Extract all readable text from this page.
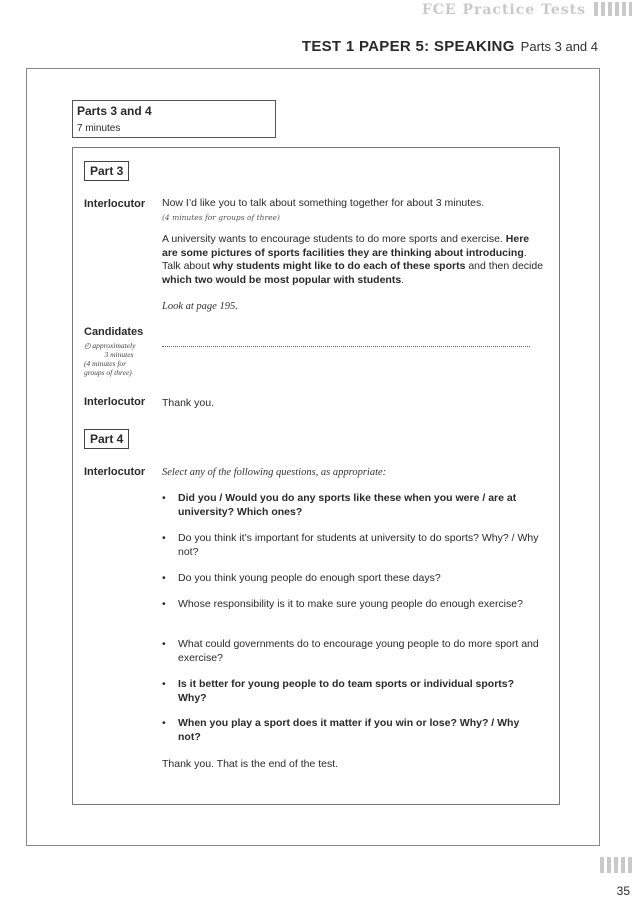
FCE Practice Tests
TEST 1 PAPER 5: SPEAKING Parts 3 and 4
Parts 3 and 4
7 minutes
Part 3
Interlocutor Now I’d like you to talk about something together for about 3 minutes.
(4 minutes for groups of three)
A university wants to encourage students to do more sports and exercise. Here are some pictures of sports facilities they are thinking about introducing. Talk about why students might like to do each of these sports and then decide which two would be most popular with students.
Look at page 195.
Candidates
◴ approximately
3 minutes
(4 minutes for
groups of three)
Interlocutor Thank you.
Part 4
Interlocutor Select any of the following questions, as appropriate:
• Did you / Would you do any sports like these when you were / are at university? Which ones?
• Do you think it’s important for students at university to do sports? Why? / Why not?
• Do you think young people do enough sport these days?
• Whose responsibility is it to make sure young people do enough exercise?
• What could governments do to encourage young people to do more sport and exercise?
• Is it better for young people to do team sports or individual sports? Why?
• When you play a sport does it matter if you win or lose? Why? / Why not?
Thank you. That is the end of the test.
35
